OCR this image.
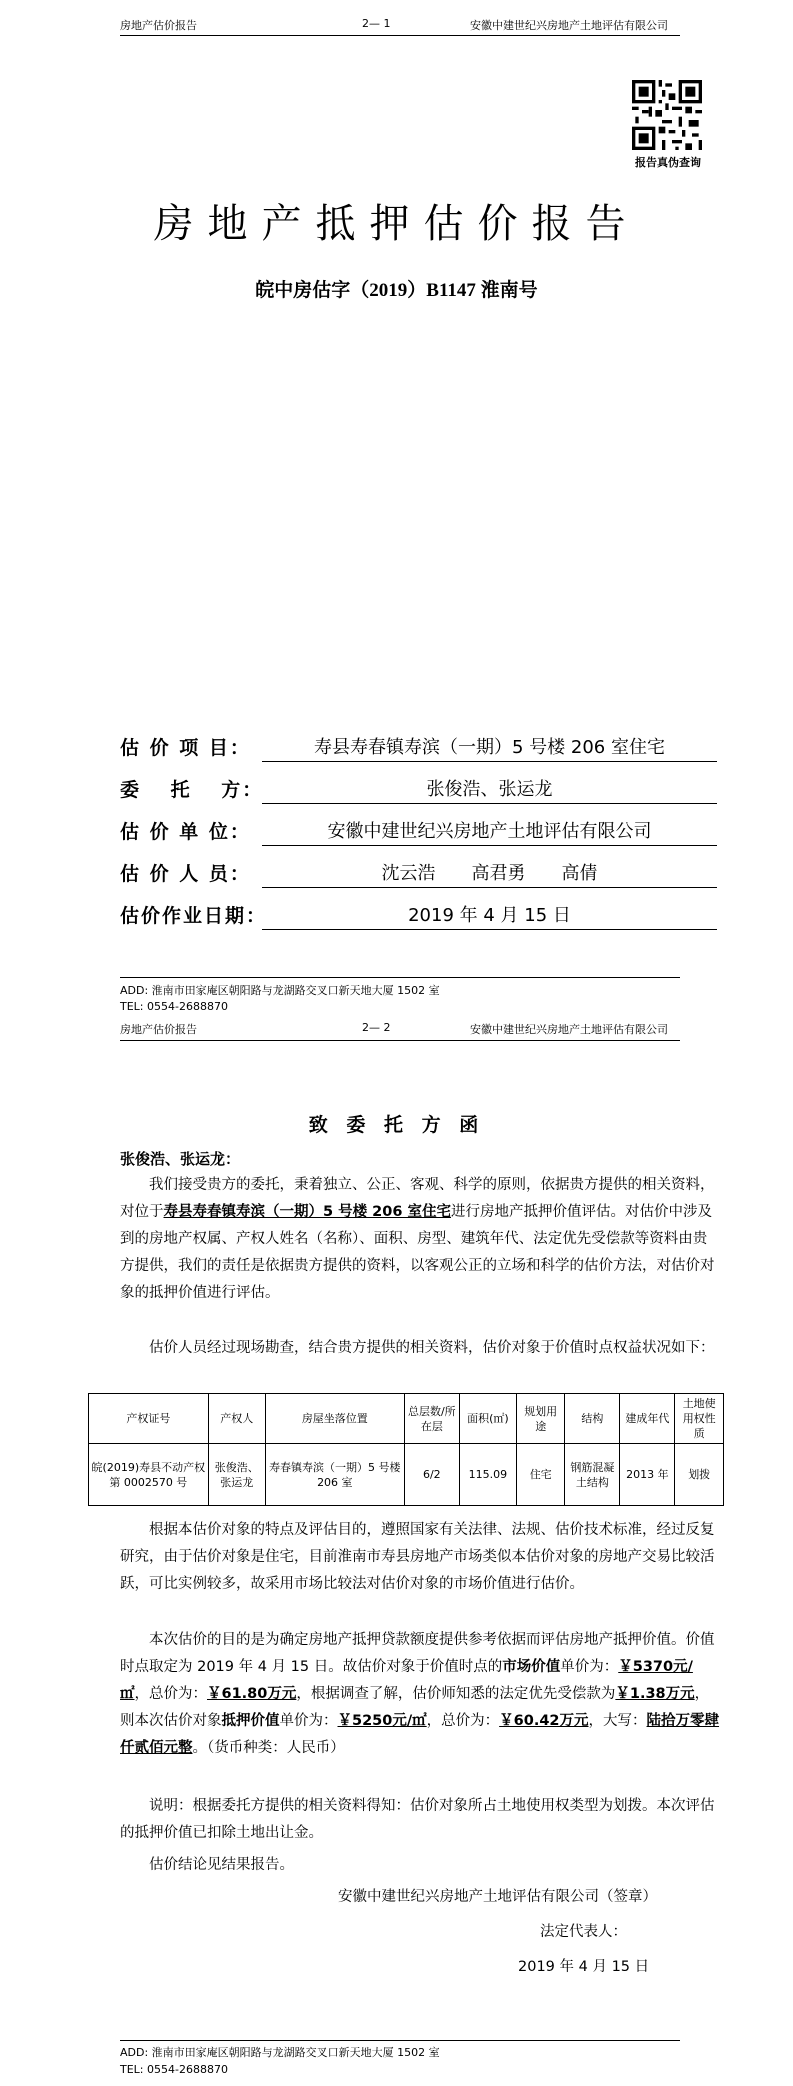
房地产估价报告	2— 1	安徽中建世纪兴房地产土地评估有限公司
报告真伪查询
房地产抵押估价报告
皖中房估字（2019）B1147 淮南号
估 价 项 目：	寿县寿春镇寿滨（一期）5 号楼 206 室住宅
委　 托　 方：	张俊浩、张运龙
估 价 单 位：	安徽中建世纪兴房地产土地评估有限公司
估 价 人 员：	沈云浩　　高君勇　　高倩
估价作业日期：	2019 年 4 月 15 日
ADD: 淮南市田家庵区朝阳路与龙湖路交叉口新天地大厦 1502 室
TEL: 0554-2688870
房地产估价报告	2— 2	安徽中建世纪兴房地产土地评估有限公司
致 委 托 方 函
张俊浩、张运龙：
我们接受贵方的委托，秉着独立、公正、客观、科学的原则，依据贵方提供的相关资料，对位于寿县寿春镇寿滨（一期）5 号楼 206 室住宅进行房地产抵押价值评估。对估价中涉及到的房地产权属、产权人姓名（名称）、面积、房型、建筑年代、法定优先受偿款等资料由贵方提供，我们的责任是依据贵方提供的资料，以客观公正的立场和科学的估价方法，对估价对象的抵押价值进行评估。
估价人员经过现场勘查，结合贵方提供的相关资料，估价对象于价值时点权益状况如下：
产权证号	产权人	房屋坐落位置	总层数/所在层	面积(㎡)	规划用途	结构	建成年代	土地使用权性质
皖(2019)寿县不动产权第 0002570 号	张俊浩、张运龙	寿春镇寿滨（一期）5 号楼 206 室	6/2	115.09	住宅	钢筋混凝土结构	2013 年	划拨
根据本估价对象的特点及评估目的，遵照国家有关法律、法规、估价技术标准，经过反复研究，由于估价对象是住宅，目前淮南市寿县房地产市场类似本估价对象的房地产交易比较活跃，可比实例较多，故采用市场比较法对估价对象的市场价值进行估价。
本次估价的目的是为确定房地产抵押贷款额度提供参考依据而评估房地产抵押价值。价值时点取定为 2019 年 4 月 15 日。故估价对象于价值时点的市场价值单价为：￥5370元/㎡，总价为：￥61.80万元，根据调查了解，估价师知悉的法定优先受偿款为￥1.38万元，则本次估价对象抵押价值单价为：￥5250元/㎡，总价为：￥60.42万元，大写：陆拾万零肆仟贰佰元整。（货币种类：人民币）
说明：根据委托方提供的相关资料得知：估价对象所占土地使用权类型为划拨。本次评估的抵押价值已扣除土地出让金。
估价结论见结果报告。
安徽中建世纪兴房地产土地评估有限公司（签章）
法定代表人：
2019 年 4 月 15 日
ADD: 淮南市田家庵区朝阳路与龙湖路交叉口新天地大厦 1502 室
TEL: 0554-2688870
